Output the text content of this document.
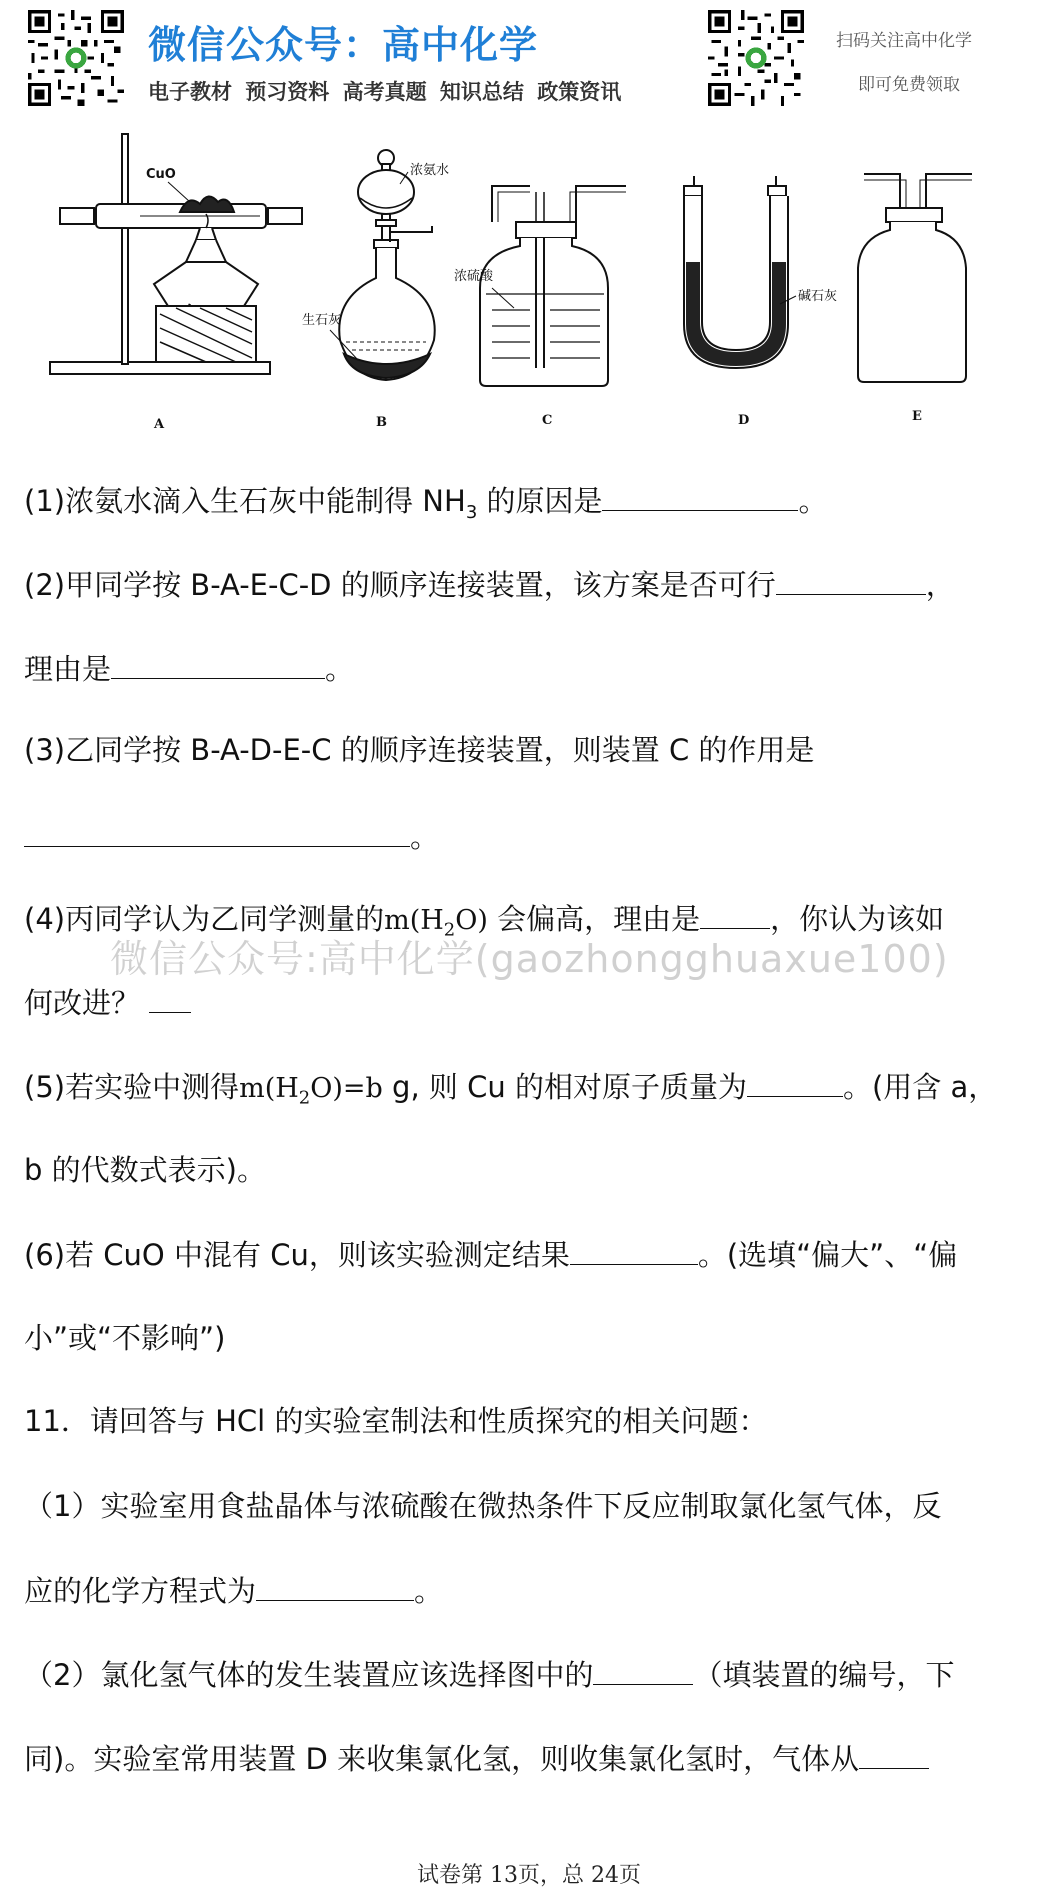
微信公众号：高中化学
电子教材 预习资料 高考真题 知识总结 政策资讯
扫码关注高中化学
即可免费领取
CuO	浓氨水
生石灰
浓硫酸
碱石灰
A	B	C	D	E
(1)浓氨水滴入生石灰中能制得 $NH_3$ 的原因是	。
(2)甲同学按 B-A-E-C-D 的顺序连接装置，该方案是否可行	，
理由是	。
(3)乙同学按 B-A-D-E-C 的顺序连接装置，则装置 C 的作用是
。
(4)丙同学认为乙同学测量的$m(H_2O)$ 会偏高，理由是 ，你认为该如
微信公众号:高中化学(gaozhongghuaxue100)
何改进？
(5)若实验中测得$m(H_2O)=b$ g, 则 Cu 的相对原子质量为	。(用含 a，
b 的代数式表示)。
(6)若 CuO 中混有 Cu，则该实验测定结果	。(选填“偏大”、“偏
小”或“不影响”)
11．请回答与 HCl 的实验室制法和性质探究的相关问题：
（1）实验室用食盐晶体与浓硫酸在微热条件下反应制取氯化氢气体，反
应的化学方程式为	。
（2）氯化氢气体的发生装置应该选择图中的	（填装置的编号，下
同)。实验室常用装置 D 来收集氯化氢，则收集氯化氢时，气体从
试卷第 13页，总 24页
